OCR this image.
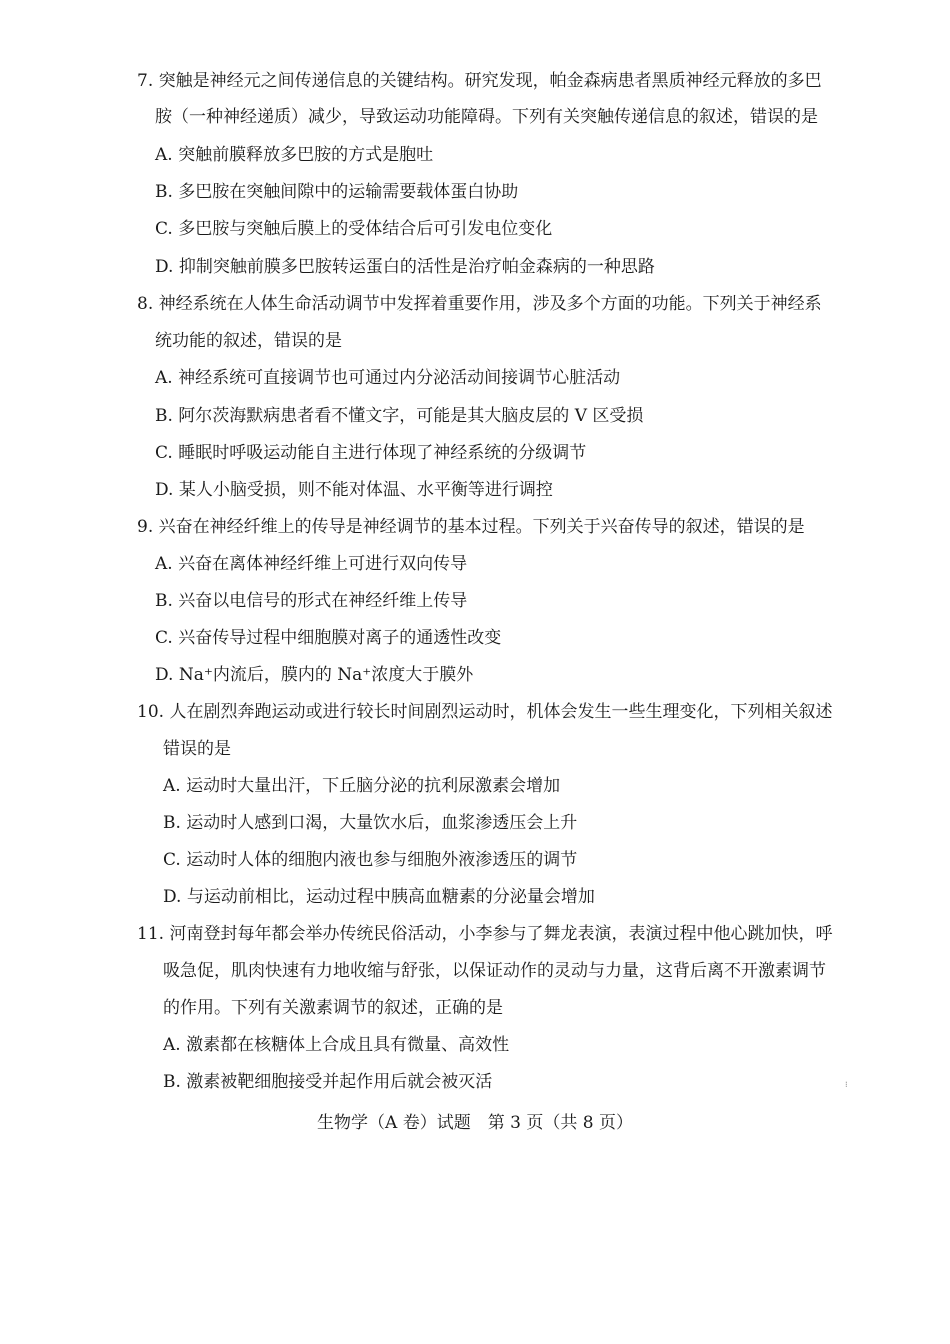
7. 突触是神经元之间传递信息的关键结构。研究发现，帕金森病患者黑质神经元释放的多巴
胺（一种神经递质）减少，导致运动功能障碍。下列有关突触传递信息的叙述，错误的是
A. 突触前膜释放多巴胺的方式是胞吐
B. 多巴胺在突触间隙中的运输需要载体蛋白协助
C. 多巴胺与突触后膜上的受体结合后可引发电位变化
D. 抑制突触前膜多巴胺转运蛋白的活性是治疗帕金森病的一种思路
8. 神经系统在人体生命活动调节中发挥着重要作用，涉及多个方面的功能。下列关于神经系
统功能的叙述，错误的是
A. 神经系统可直接调节也可通过内分泌活动间接调节心脏活动
B. 阿尔茨海默病患者看不懂文字，可能是其大脑皮层的 V 区受损
C. 睡眠时呼吸运动能自主进行体现了神经系统的分级调节
D. 某人小脑受损，则不能对体温、水平衡等进行调控
9. 兴奋在神经纤维上的传导是神经调节的基本过程。下列关于兴奋传导的叙述，错误的是
A. 兴奋在离体神经纤维上可进行双向传导
B. 兴奋以电信号的形式在神经纤维上传导
C. 兴奋传导过程中细胞膜对离子的通透性改变
D. Na⁺内流后，膜内的 Na⁺浓度大于膜外
10. 人在剧烈奔跑运动或进行较长时间剧烈运动时，机体会发生一些生理变化，下列相关叙述
错误的是
A. 运动时大量出汗，下丘脑分泌的抗利尿激素会增加
B. 运动时人感到口渴，大量饮水后，血浆渗透压会上升
C. 运动时人体的细胞内液也参与细胞外液渗透压的调节
D. 与运动前相比，运动过程中胰高血糖素的分泌量会增加
11. 河南登封每年都会举办传统民俗活动，小李参与了舞龙表演，表演过程中他心跳加快，呼
吸急促，肌肉快速有力地收缩与舒张，以保证动作的灵动与力量，这背后离不开激素调节
的作用。下列有关激素调节的叙述，正确的是
A. 激素都在核糖体上合成且具有微量、高效性
B. 激素被靶细胞接受并起作用后就会被灭活	⁝
生物学（A 卷）试题　第 3 页（共 8 页）
